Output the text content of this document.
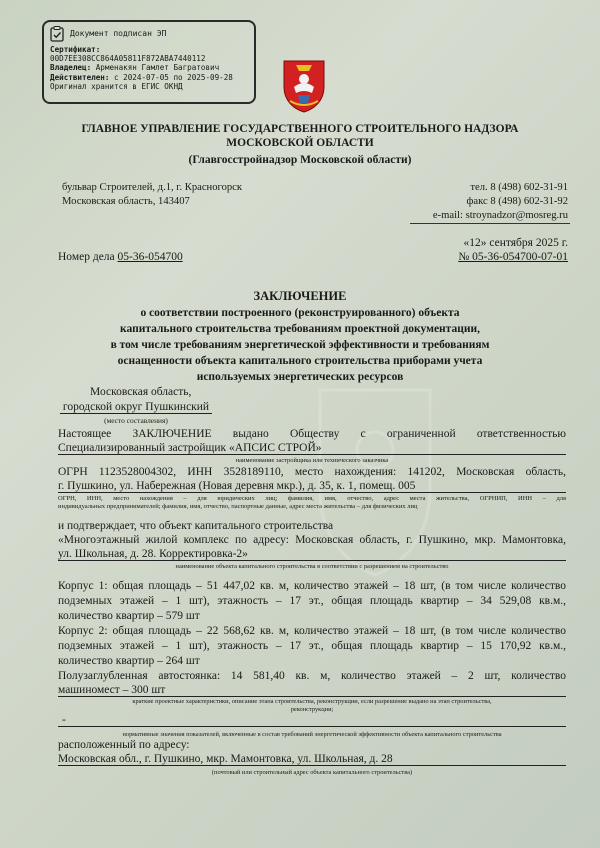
Документ подписан ЭП
Сертификат:
00D7EE308CC864A05811F872ABA7440112
Владелец: Арменакян Гамлет Багратович
Действителен: с 2024-07-05 по 2025-09-28
Оригинал хранится в ЕГИС ОКНД
ГЛАВНОЕ УПРАВЛЕНИЕ ГОСУДАРСТВЕННОГО СТРОИТЕЛЬНОГО НАДЗОРА
МОСКОВСКОЙ ОБЛАСТИ
(Главгосстройнадзор Московской области)
бульвар Строителей, д.1, г. Красногорск
Московская область, 143407
тел. 8 (498) 602-31-91
факс 8 (498) 602-31-92
e-mail: stroynadzor@mosreg.ru
«12» сентября 2025 г.
Номер дела 05-36-054700	№ 05-36-054700-07-01
ЗАКЛЮЧЕНИЕ
о соответствии построенного (реконструированного) объекта
капитального строительства требованиям проектной документации,
в том числе требованиям энергетической эффективности и требованиям
оснащенности объекта капитального строительства приборами учета
используемых энергетических ресурсов
Московская область,
городской округ Пушкинский
(место составления)
Настоящее ЗАКЛЮЧЕНИЕ выдано Обществу с ограниченной ответственностью
Специализированный застройщик «АПСИС СТРОЙ»
наименование застройщика или технического заказчика
ОГРН 1123528004302, ИНН 3528189110, место нахождения: 141202, Московская область,
г. Пушкино, ул. Набережная (Новая деревня мкр.), д. 35, к. 1, помещ. 005
ОГРН, ИНН, место нахождения – для юридических лиц; фамилия, имя, отчество, адрес места жительства, ОГРНИП, ИНН – для
индивидуальных предпринимателей; фамилия, имя, отчество, паспортные данные, адрес места жительства – для физических лиц
и подтверждает, что объект капитального строительства
«Многоэтажный жилой комплекс по адресу: Московская область, г. Пушкино, мкр. Мамонтовка,
ул. Школьная, д. 28. Корректировка-2»
наименование объекта капитального строительства в соответствии с разрешением на строительство
Корпус 1: общая площадь – 51 447,02 кв. м, количество этажей – 18 шт, (в том числе количество
подземных этажей – 1 шт), этажность – 17 эт., общая площадь квартир – 34 529,08 кв.м.,
количество квартир – 579 шт
Корпус 2: общая площадь – 22 568,62 кв. м, количество этажей – 18 шт, (в том числе количество
подземных этажей – 1 шт), этажность – 17 эт., общая площадь квартир – 15 170,92 кв.м.,
количество квартир – 264 шт
Полузаглубленная автостоянка: 14 581,40 кв. м, количество этажей – 2 шт, количество
машиномест – 300 шт
краткие проектные характеристики, описание этапа строительства, реконструкции, если разрешение выдано на этап строительства,
реконструкции;
-
нормативные значения показателей, включенные в состав требований энергетической эффективности объекта капитального строительства
расположенный по адресу:
Московская обл., г. Пушкино, мкр. Мамонтовка, ул. Школьная, д. 28
(почтовый или строительный адрес объекта капитального строительства)
